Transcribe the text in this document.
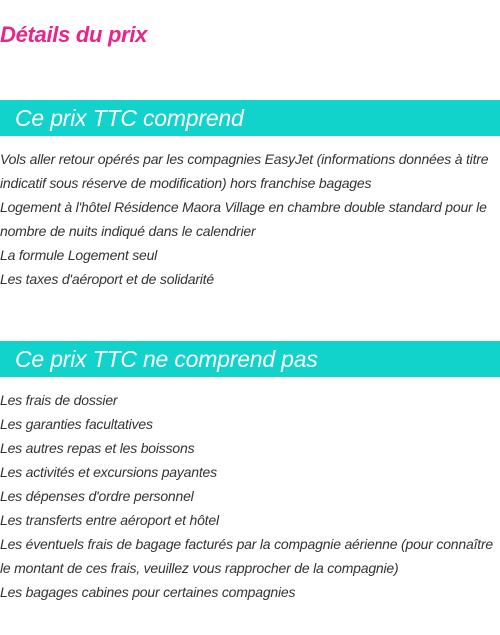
Détails du prix
Ce prix TTC comprend
Vols aller retour opérés par les compagnies EasyJet (informations données à titre indicatif sous réserve de modification) hors franchise bagages
Logement à l'hôtel Résidence Maora Village en chambre double standard pour le nombre de nuits indiqué dans le calendrier
La formule Logement seul
Les taxes d'aéroport et de solidarité
Ce prix TTC ne comprend pas
Les frais de dossier
Les garanties facultatives
Les autres repas et les boissons
Les activités et excursions payantes
Les dépenses d'ordre personnel
Les transferts entre aéroport et hôtel
Les éventuels frais de bagage facturés par la compagnie aérienne (pour connaître le montant de ces frais, veuillez vous rapprocher de la compagnie)
Les bagages cabines pour certaines compagnies
